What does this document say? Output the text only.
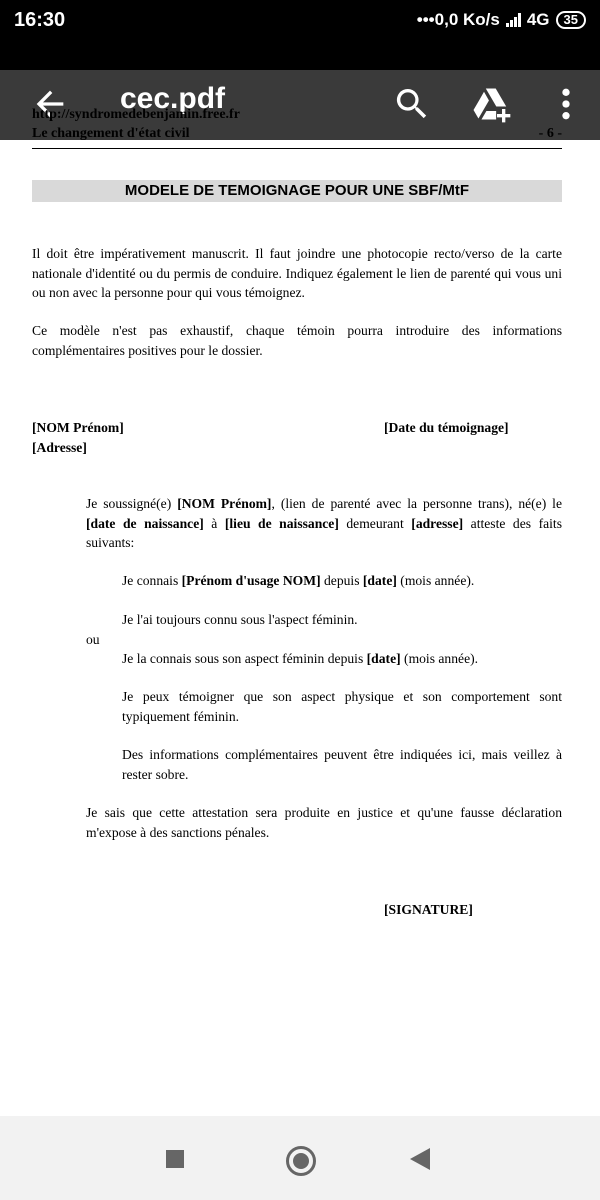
16:30	•••0,0 Ko/s 4G	35
cec.pdf
http://syndromedebenjamin.free.fr
Le changement d'état civil	- 6 -
MODELE DE TEMOIGNAGE POUR UNE SBF/MtF
Il doit être impérativement manuscrit. Il faut joindre une photocopie recto/verso de la carte nationale d'identité ou du permis de conduire. Indiquez également le lien de parenté qui vous uni ou non avec la personne pour qui vous témoignez.
Ce modèle n'est pas exhaustif, chaque témoin pourra introduire des informations complémentaires positives pour le dossier.
[NOM Prénom]
[Adresse]
[Date du témoignage]
Je soussigné(e) [NOM Prénom], (lien de parenté avec la personne trans), né(e) le [date de naissance] à [lieu de naissance] demeurant [adresse] atteste des faits suivants:
Je connais [Prénom d'usage NOM] depuis [date] (mois année).
Je l'ai toujours connu sous l'aspect féminin.
ou
Je la connais sous son aspect féminin depuis [date] (mois année).
Je peux témoigner que son aspect physique et son comportement sont typiquement féminin.
Des informations complémentaires peuvent être indiquées ici, mais veillez à rester sobre.
Je sais que cette attestation sera produite en justice et qu'une fausse déclaration m'expose à des sanctions pénales.
[SIGNATURE]
